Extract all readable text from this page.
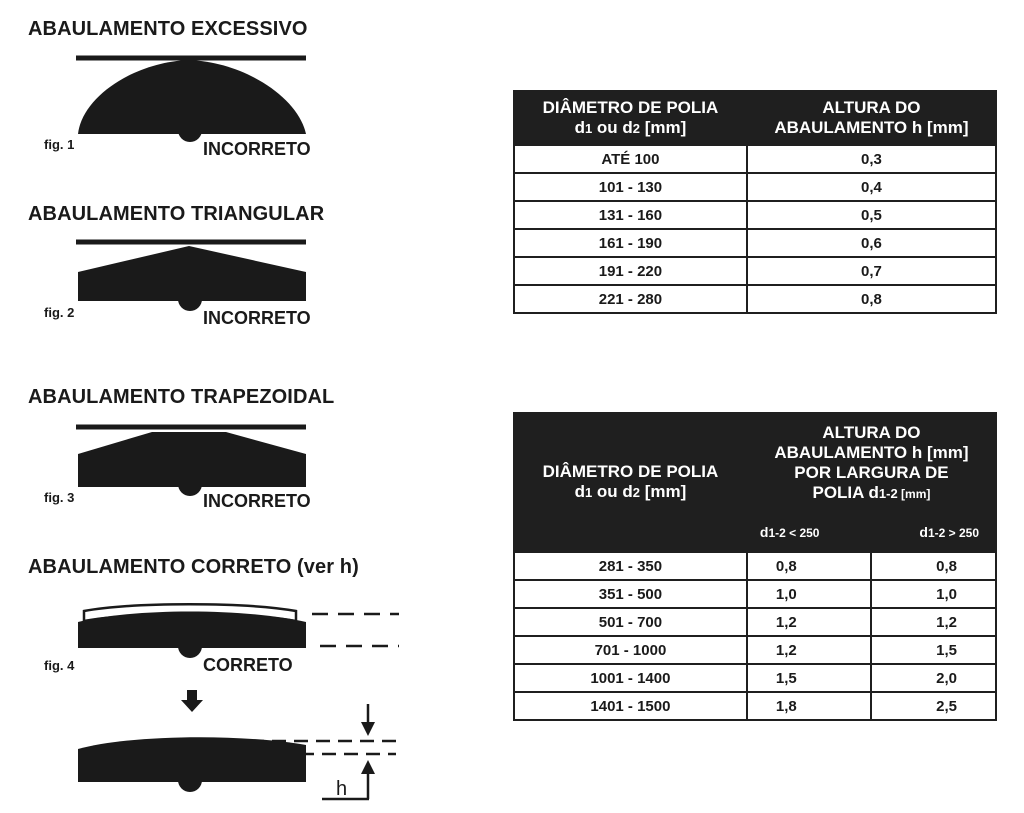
ABAULAMENTO EXCESSIVO
fig. 1	INCORRETO
ABAULAMENTO TRIANGULAR
fig. 2	INCORRETO
ABAULAMENTO TRAPEZOIDAL
fig. 3	INCORRETO
ABAULAMENTO CORRETO (ver h)
fig. 4	CORRETO
h
DIÂMETRO DE POLIA
d1 ou d2 [mm]	ALTURA DO
ABAULAMENTO h [mm]
ATÉ 100	0,3
101 - 130	0,4
131 - 160	0,5
161 - 190	0,6
191 - 220	0,7
221 - 280	0,8
DIÂMETRO DE POLIA
d1 ou d2 [mm]	ALTURA DO
ABAULAMENTO h [mm]
POR LARGURA DE
POLIA d1-2 [mm]	
	d1-2 < 250	d1-2 > 250
281 - 350	0,8	0,8
351 - 500	1,0	1,0
501 - 700	1,2	1,2
701 - 1000	1,2	1,5
1001 - 1400	1,5	2,0
1401 - 1500	1,8	2,5
